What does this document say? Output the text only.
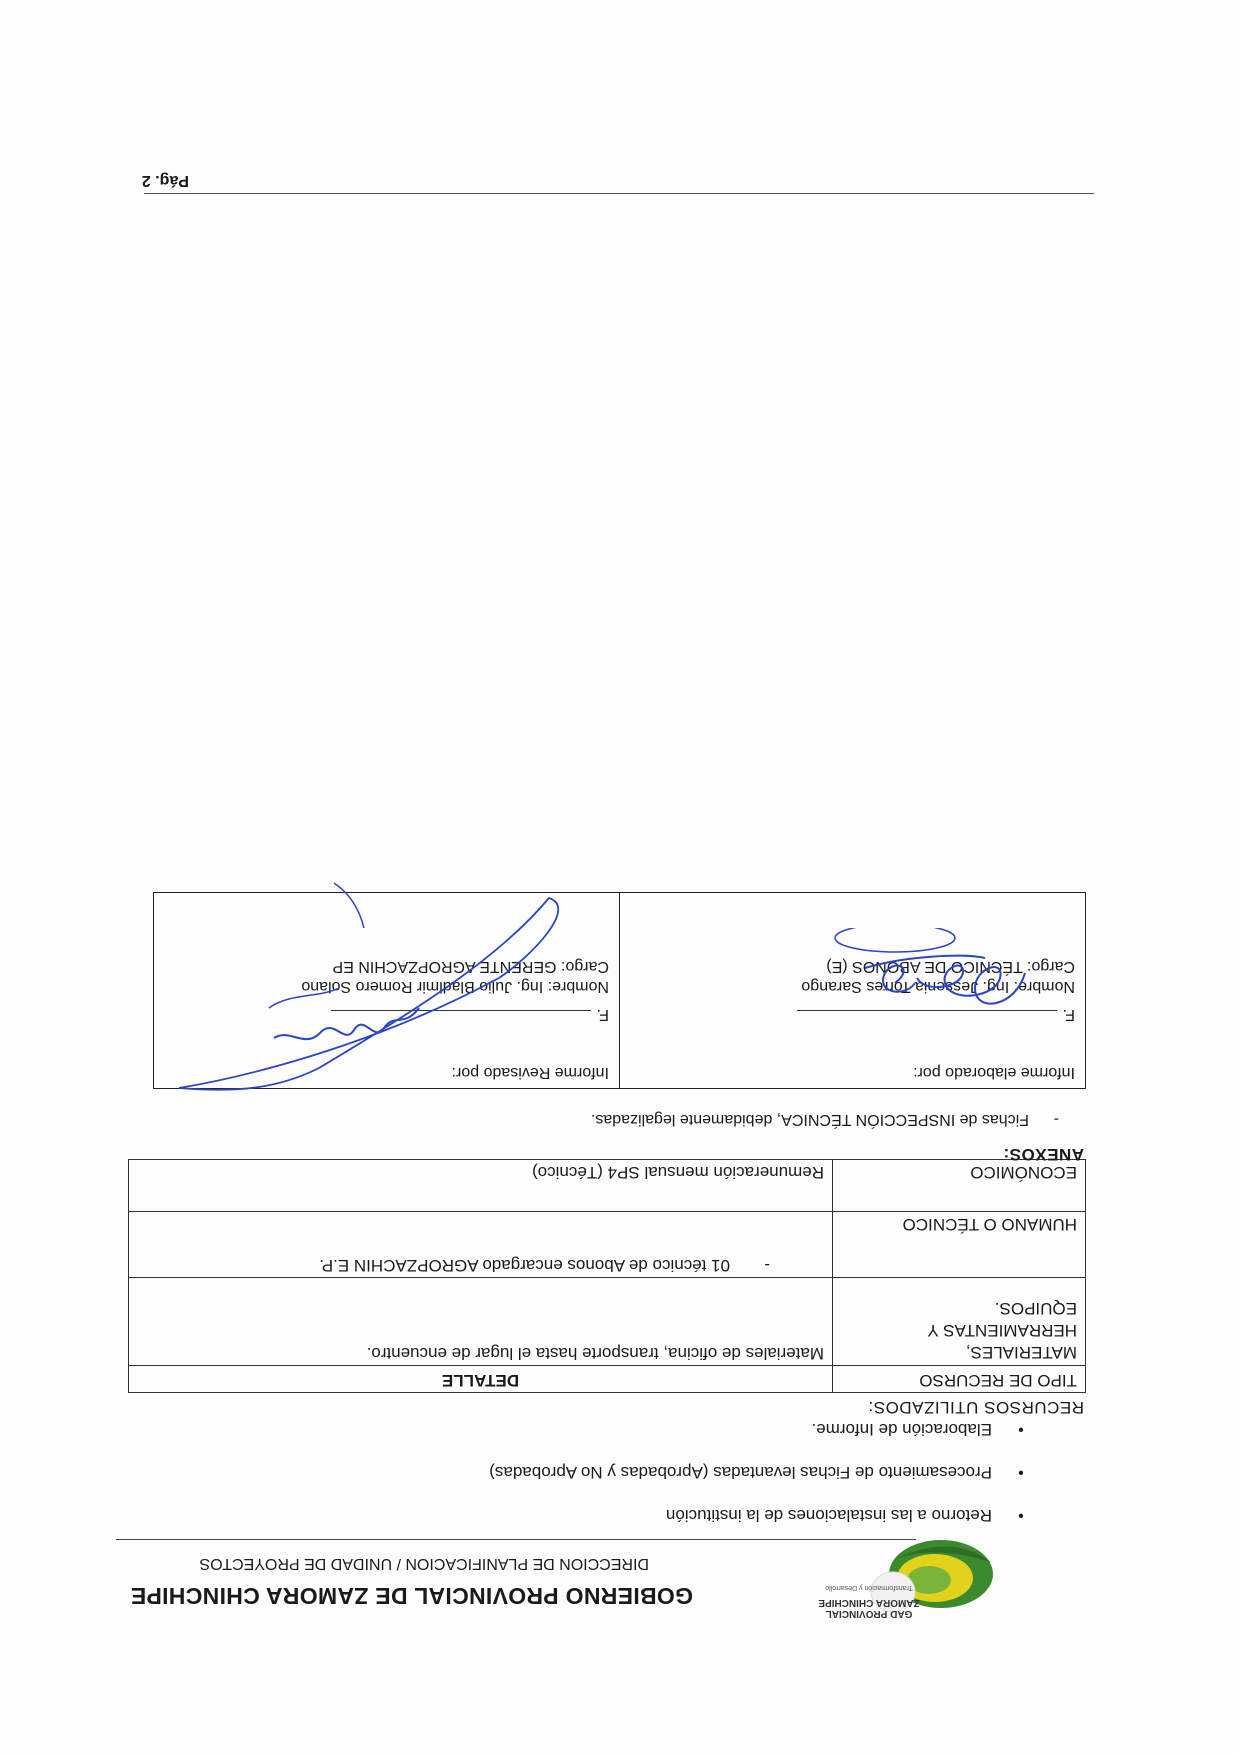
GAD PROVINCIAL
ZAMORA CHINCHIPE
Transformación y Desarrollo
GOBIERNO PROVINCIAL DE ZAMORA CHINCHIPE
DIRECCION DE PLANIFICACION / UNIDAD DE PROYECTOS
● Retorno a las instalaciones de la institución
● Procesamiento de Fichas levantadas (Aprobadas y No Aprobadas)
● Elaboración de Informe.
RECURSOS UTILIZADOS:
TIPO DE RECURSO	DETALLE
MATERIALES, HERRAMIENTAS Y EQUIPOS.	Materiales de oficina, transporte hasta el lugar de encuentro.
HUMANO O TÉCNICO	-01 técnico de Abonos encargado AGROPZACHIN E.P.
ECONÓMICO	Remuneración mensual SP4 (Técnico)
ANEXOS:
-Fichas de INSPECCIÓN TÉCNICA, debidamente legalizadas.
Informe elaborado por:
F.
Nombre: Ing. Jessenia Torres Sarango
Cargo: TÉCNICO DE ABONOS (E)

Informe Revisado por:
F.
Nombre: Ing. Julio Bladimir Romero Solano
Cargo: GERENTE AGROPZACHIN EP
Pág. 2
